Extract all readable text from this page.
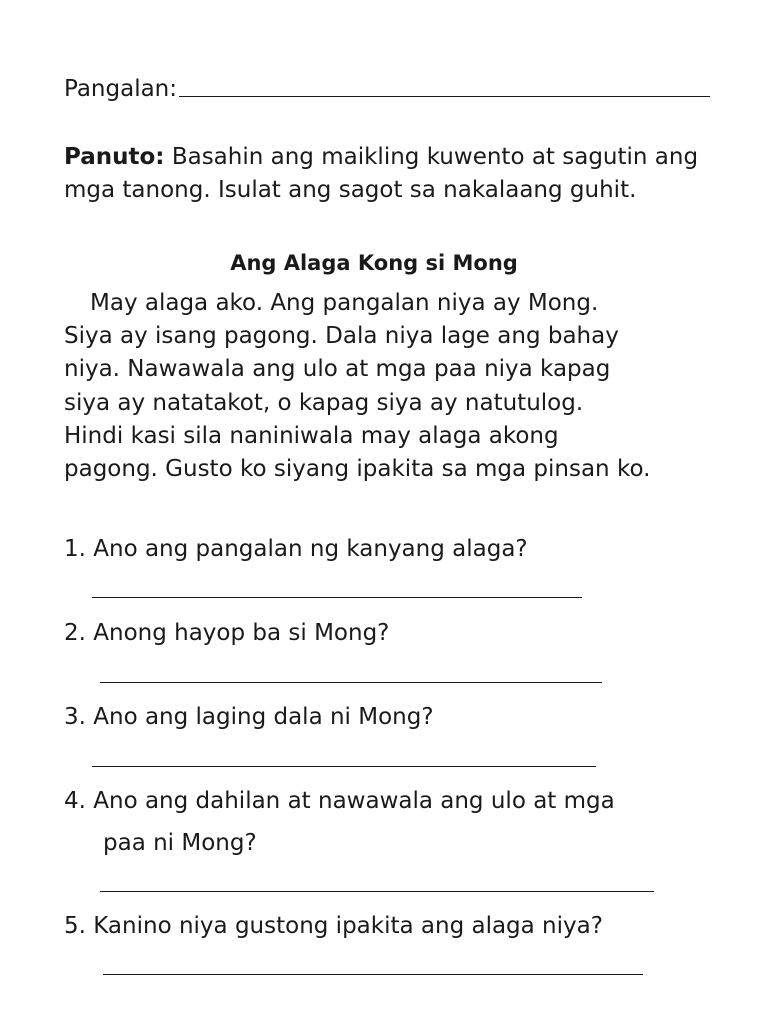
Pangalan:
Panuto: Basahin ang maikling kuwento at sagutin ang mga tanong. Isulat ang sagot sa nakalaang guhit.
Ang Alaga Kong si Mong
May alaga ako. Ang pangalan niya ay Mong.
Siya ay isang pagong. Dala niya lage ang bahay
niya. Nawawala ang ulo at mga paa niya kapag
siya ay natatakot, o kapag siya ay natutulog.
Hindi kasi sila naniniwala may alaga akong
pagong. Gusto ko siyang ipakita sa mga pinsan ko.
1. Ano ang pangalan ng kanyang alaga?
2. Anong hayop ba si Mong?
3. Ano ang laging dala ni Mong?
4. Ano ang dahilan at nawawala ang ulo at mga
paa ni Mong?
5. Kanino niya gustong ipakita ang alaga niya?
